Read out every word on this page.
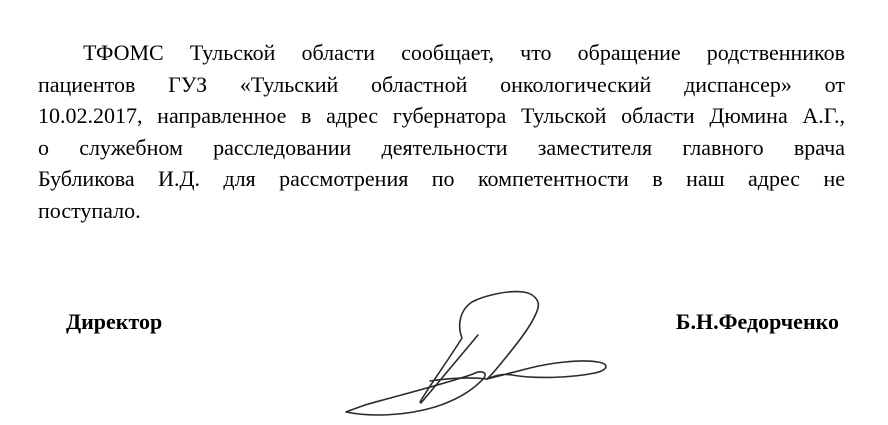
ТФОМС Тульской области сообщает, что обращение родственников
пациентов ГУЗ «Тульский областной онкологический диспансер» от
10.02.2017, направленное в адрес губернатора Тульской области Дюмина А.Г.,
о служебном расследовании деятельности заместителя главного врача
Бубликова И.Д. для рассмотрения по компетентности в наш адрес не
поступало.
Директор	Б.Н.Федорченко
